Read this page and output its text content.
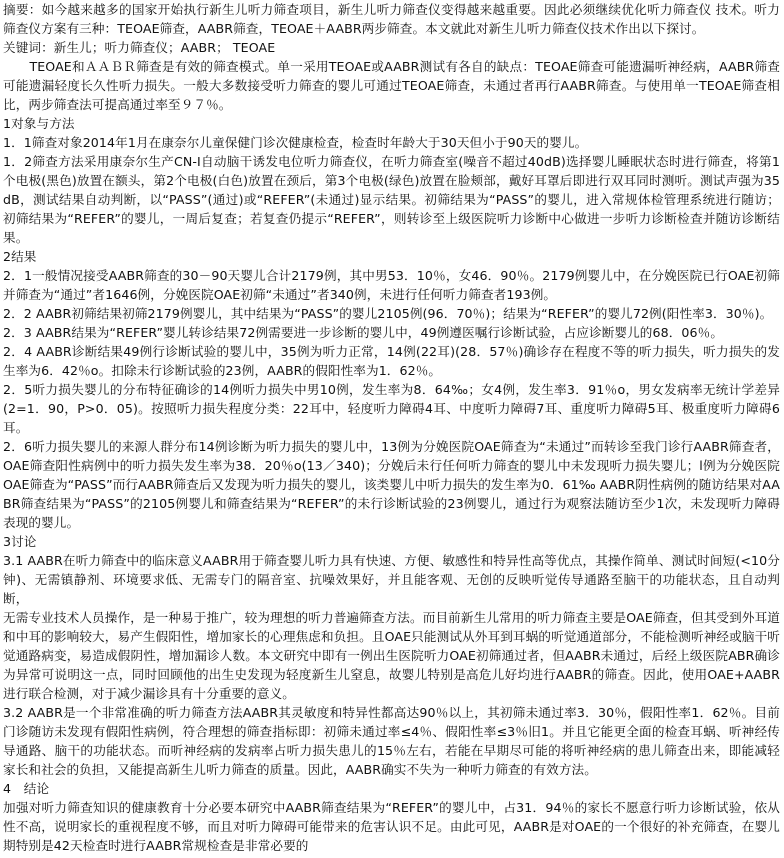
摘要：如今越来越多的国家开始执行新生儿听力筛查项目，新生儿听力筛查仪变得越来越重要。因此必须继续优化听力筛查仪 技术。听力筛查仪方案有三种：TEOAE筛查，AABR筛查，TEOAE＋AABR两步筛查。本文就此对新生儿听力筛查仪技术作出以下探讨。

关键词：新生儿；听力筛查仪；AABR； TEOAE

TEOAE和ＡＡＢＲ筛查是有效的筛查模式。单一采用TEOAE或AABR测试有各自的缺点：TEOAE筛查可能遗漏听神经病，AABR筛查可能遗漏轻度长久性听力损失。一般大多数接受听力筛查的婴儿可通过TEOAE筛查，未通过者再行AABR筛查。与使用单一TEOAE筛查相比，两步筛查法可提高通过率至９７％。

1对象与方法

1．1筛查对象2014年1月在康奈尔儿童保健门诊次健康检查，检查时年龄大于30天但小于90天的婴儿。

1．2筛查方法采用康奈尔生产CN-I自动脑干诱发电位听力筛查仪，在听力筛查室(噪音不超过40dB)选择婴儿睡眠状态时进行筛查，将第1个电极(黑色)放置在额头，第2个电极(白色)放置在颈后，第3个电极(绿色)放置在脸颊部，戴好耳罩后即进行双耳同时测听。测试声强为35dB，测试结果自动判断，以“PASS”(通过)或“REFER”(未通过)显示结果。初筛结果为“PASS”的婴儿，进入常规体检管理系统进行随访；初筛结果为“REFER”的婴儿，一周后复查；若复查仍提示“REFER”，则转诊至上级医院听力诊断中心做进一步听力诊断检查并随访诊断结果。

2结果

2．1一般情况接受AABR筛查的30－90天婴儿合计2179例，其中男53．10％，女46．90％。2179例婴儿中，在分娩医院已行OAE初筛并筛查为“通过”者1646例，分娩医院OAE初筛“未通过”者340例，未进行任何听力筛查者193例。

2．2 AABR初筛结果初筛2179例婴儿，其中结果为“PASS”的婴儿2105例(96．70％)；结果为“REFER”的婴儿72例(阳性率3．30％)。

2．3 AABR结果为“REFER”婴儿转诊结果72例需要进一步诊断的婴儿中，49例遵医嘱行诊断试验，占应诊断婴儿的68．06％。

2．4 AABR诊断结果49例行诊断试验的婴儿中，35例为听力正常，14例(22耳)(28．57％)确诊存在程度不等的听力损失，听力损失的发生率为6．42％o。扣除未行诊断试验的23例，AABR的假阳性率为1．62％。

2．5听力损失婴儿的分布特征确诊的14例听力损失中男10例，发生率为8．64‰；女4例，发生率3．91％o，男女发病率无统计学差异(2=1．90，P>0．05)。按照听力损失程度分类：22耳中，轻度听力障碍4耳、中度听力障碍7耳、重度听力障碍5耳、极重度听力障碍6耳。

2．6听力损失婴儿的来源人群分布14例诊断为听力损失的婴儿中，13例为分娩医院OAE筛查为“未通过”而转诊至我门诊行AABR筛查者，OAE筛查阳性病例中的听力损失发生率为38．20％o(13／340)；分娩后未行任何听力筛查的婴儿中未发现听力损失婴儿；l例为分娩医院OAE筛查为“PASS”而行AABR筛查后又发现为听力损失的婴儿，该类婴儿中听力损失的发生率为0．61‰ AABR阴性病例的随访结果对AABR筛查结果为“PASS”的2105例婴儿和筛查结果为“REFER”的未行诊断试验的23例婴儿，通过行为观察法随访至少1次，未发现听力障碍表现的婴儿。

3讨论

3.1 AABR在听力筛查中的临床意义AABR用于筛查婴儿听力具有快速、方便、敏感性和特异性高等优点，其操作简单、测试时间短(<10分钟)、无需镇静剂、环境要求低、无需专门的隔音室、抗噪效果好，并且能客观、无创的反映听觉传导通路至脑干的功能状态，且自动判断，

无需专业技术人员操作，是一种易于推广，较为理想的听力普遍筛查方法。而目前新生儿常用的听力筛查主要是OAE筛查，但其受到外耳道和中耳的影响较大，易产生假阳性，增加家长的心理焦虑和负担。且OAE只能测试从外耳到耳蜗的听觉通道部分，不能检测听神经或脑干听觉通路病变，易造成假阴性，增加漏诊人数。本文研究中即有一例出生医院听力OAE初筛通过者，但AABR未通过，后经上级医院ABR确诊为异常可说明这一点，同时回顾他的出生史发现为轻度新生儿窒息，故婴儿特别是高危儿好均进行AABR的筛查。因此，使用OAE+AABR进行联合检测，对于减少漏诊具有十分重要的意义。

3.2 AABR是一个非常准确的听力筛查方法AABR其灵敏度和特异性都高达90％以上，其初筛未通过率3．30％，假阳性率1．62％。目前门诊随访未发现有假阳性病例，符合理想的筛查指标即：初筛未通过率≤4％、假阳性率≤3％旧1。并且它能更全面的检查耳蜗、听神经传导通路、脑干的功能状态。而听神经病的发病率占听力损失患儿的15％左右，若能在早期尽可能的将听神经病的患儿筛查出来，即能减轻家长和社会的负担，又能提高新生儿听力筛查的质量。因此，AABR确实不失为一种听力筛查的有效方法。

4　结论

加强对听力筛查知识的健康教育十分必要本研究中AABR筛查结果为“REFER”的婴儿中，占31．94％的家长不愿意行听力诊断试验，依从性不高，说明家长的重视程度不够，而且对听力障碍可能带来的危害认识不足。由此可见，AABR是对OAE的一个很好的补充筛查，在婴儿期特别是42天检查时进行AABR常规检查是非常必要的
